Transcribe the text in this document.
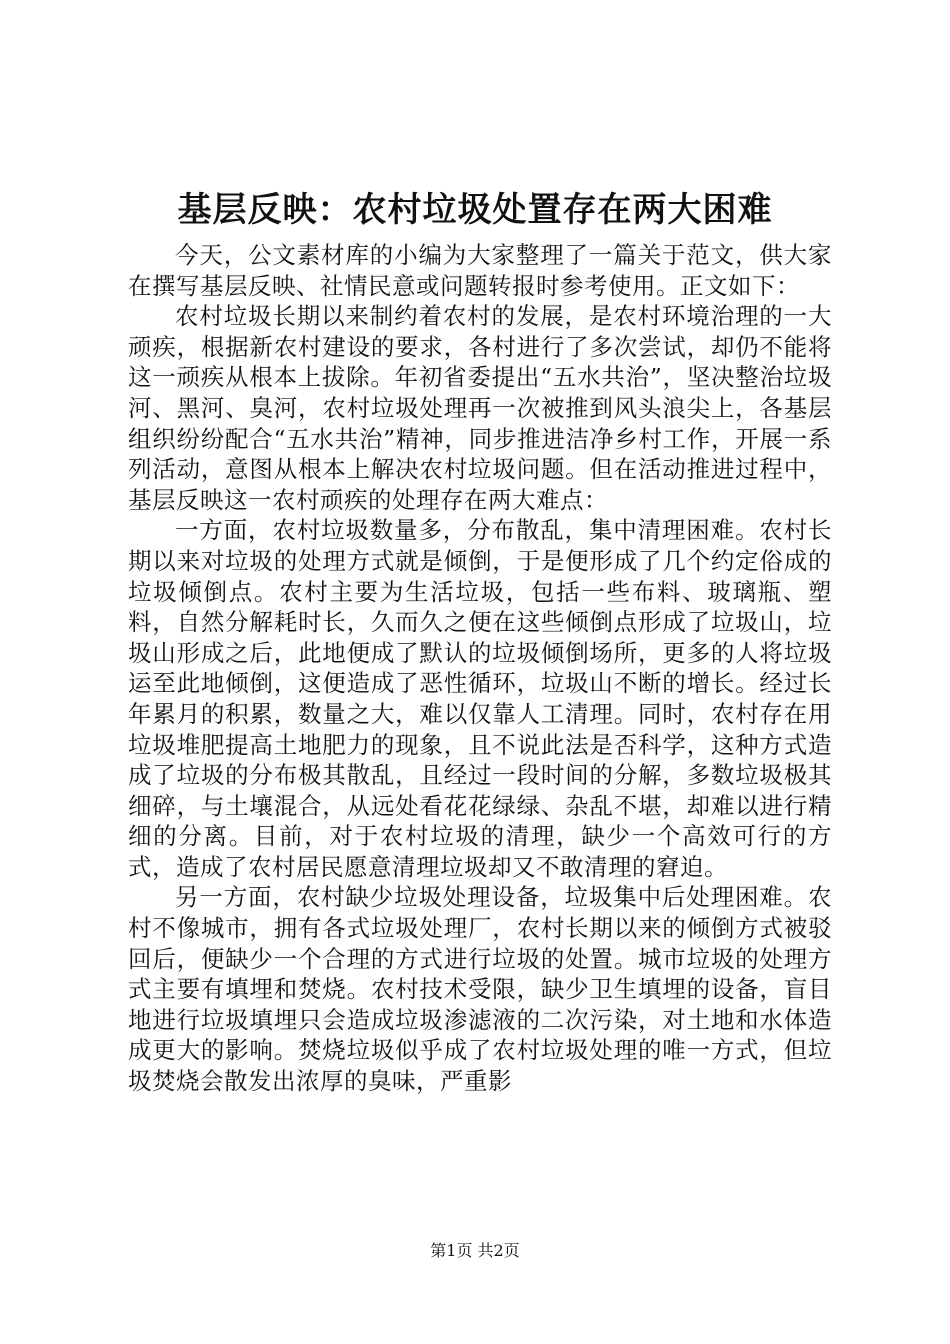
基层反映：农村垃圾处置存在两大困难

今天，公文素材库的小编为大家整理了一篇关于范文，供大家在撰写基层反映、社情民意或问题转报时参考使用。正文如下：

农村垃圾长期以来制约着农村的发展，是农村环境治理的一大顽疾，根据新农村建设的要求，各村进行了多次尝试，却仍不能将这一顽疾从根本上拔除。年初省委提出“五水共治”，坚决整治垃圾河、黑河、臭河，农村垃圾处理再一次被推到风头浪尖上，各基层组织纷纷配合“五水共治”精神，同步推进洁净乡村工作，开展一系列活动，意图从根本上解决农村垃圾问题。但在活动推进过程中，基层反映这一农村顽疾的处理存在两大难点：

一方面，农村垃圾数量多，分布散乱，集中清理困难。农村长期以来对垃圾的处理方式就是倾倒，于是便形成了几个约定俗成的垃圾倾倒点。农村主要为生活垃圾，包括一些布料、玻璃瓶、塑料，自然分解耗时长，久而久之便在这些倾倒点形成了垃圾山，垃圾山形成之后，此地便成了默认的垃圾倾倒场所，更多的人将垃圾运至此地倾倒，这便造成了恶性循环，垃圾山不断的增长。经过长年累月的积累，数量之大，难以仅靠人工清理。同时，农村存在用垃圾堆肥提高土地肥力的现象，且不说此法是否科学，这种方式造成了垃圾的分布极其散乱，且经过一段时间的分解，多数垃圾极其细碎，与土壤混合，从远处看花花绿绿、杂乱不堪，却难以进行精细的分离。目前，对于农村垃圾的清理，缺少一个高效可行的方式，造成了农村居民愿意清理垃圾却又不敢清理的窘迫。

另一方面，农村缺少垃圾处理设备，垃圾集中后处理困难。农村不像城市，拥有各式垃圾处理厂，农村长期以来的倾倒方式被驳回后，便缺少一个合理的方式进行垃圾的处置。城市垃圾的处理方式主要有填埋和焚烧。农村技术受限，缺少卫生填埋的设备，盲目地进行垃圾填埋只会造成垃圾渗滤液的二次污染，对土地和水体造成更大的影响。焚烧垃圾似乎成了农村垃圾处理的唯一方式，但垃圾焚烧会散发出浓厚的臭味，严重影

第1页 共2页
